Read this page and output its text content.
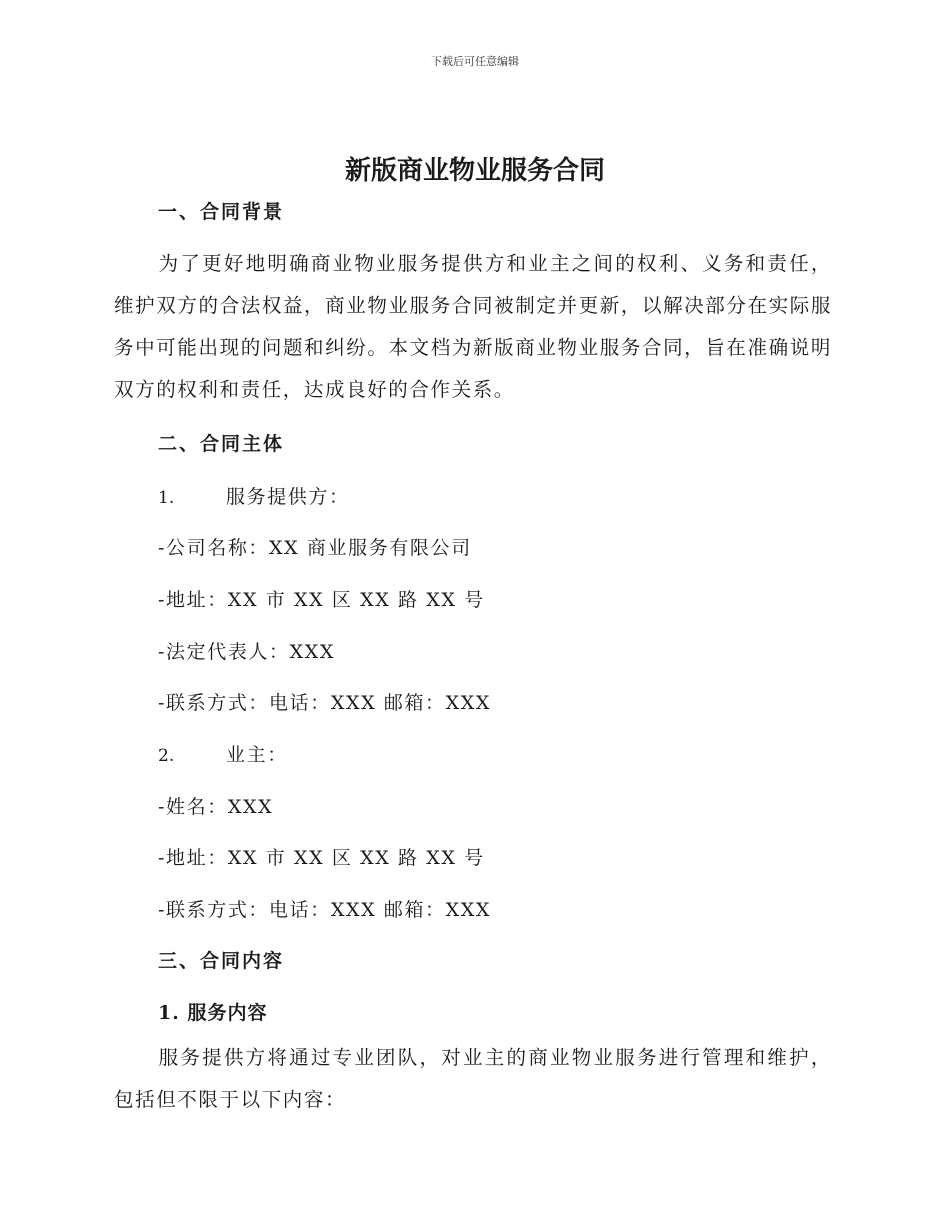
下载后可任意编辑
新版商业物业服务合同
一、合同背景
为了更好地明确商业物业服务提供方和业主之间的权利、义务和责任，维护双方的合法权益，商业物业服务合同被制定并更新，以解决部分在实际服务中可能出现的问题和纠纷。本文档为新版商业物业服务合同，旨在准确说明双方的权利和责任，达成良好的合作关系。
二、合同主体
1.	服务提供方：
-公司名称：XX 商业服务有限公司
-地址：XX 市 XX 区 XX 路 XX 号
-法定代表人：XXX
-联系方式：电话：XXX 邮箱：XXX
2.	业主：
-姓名：XXX
-地址：XX 市 XX 区 XX 路 XX 号
-联系方式：电话：XXX 邮箱：XXX
三、合同内容
1. 服务内容
服务提供方将通过专业团队，对业主的商业物业服务进行管理和维护，包括但不限于以下内容：
